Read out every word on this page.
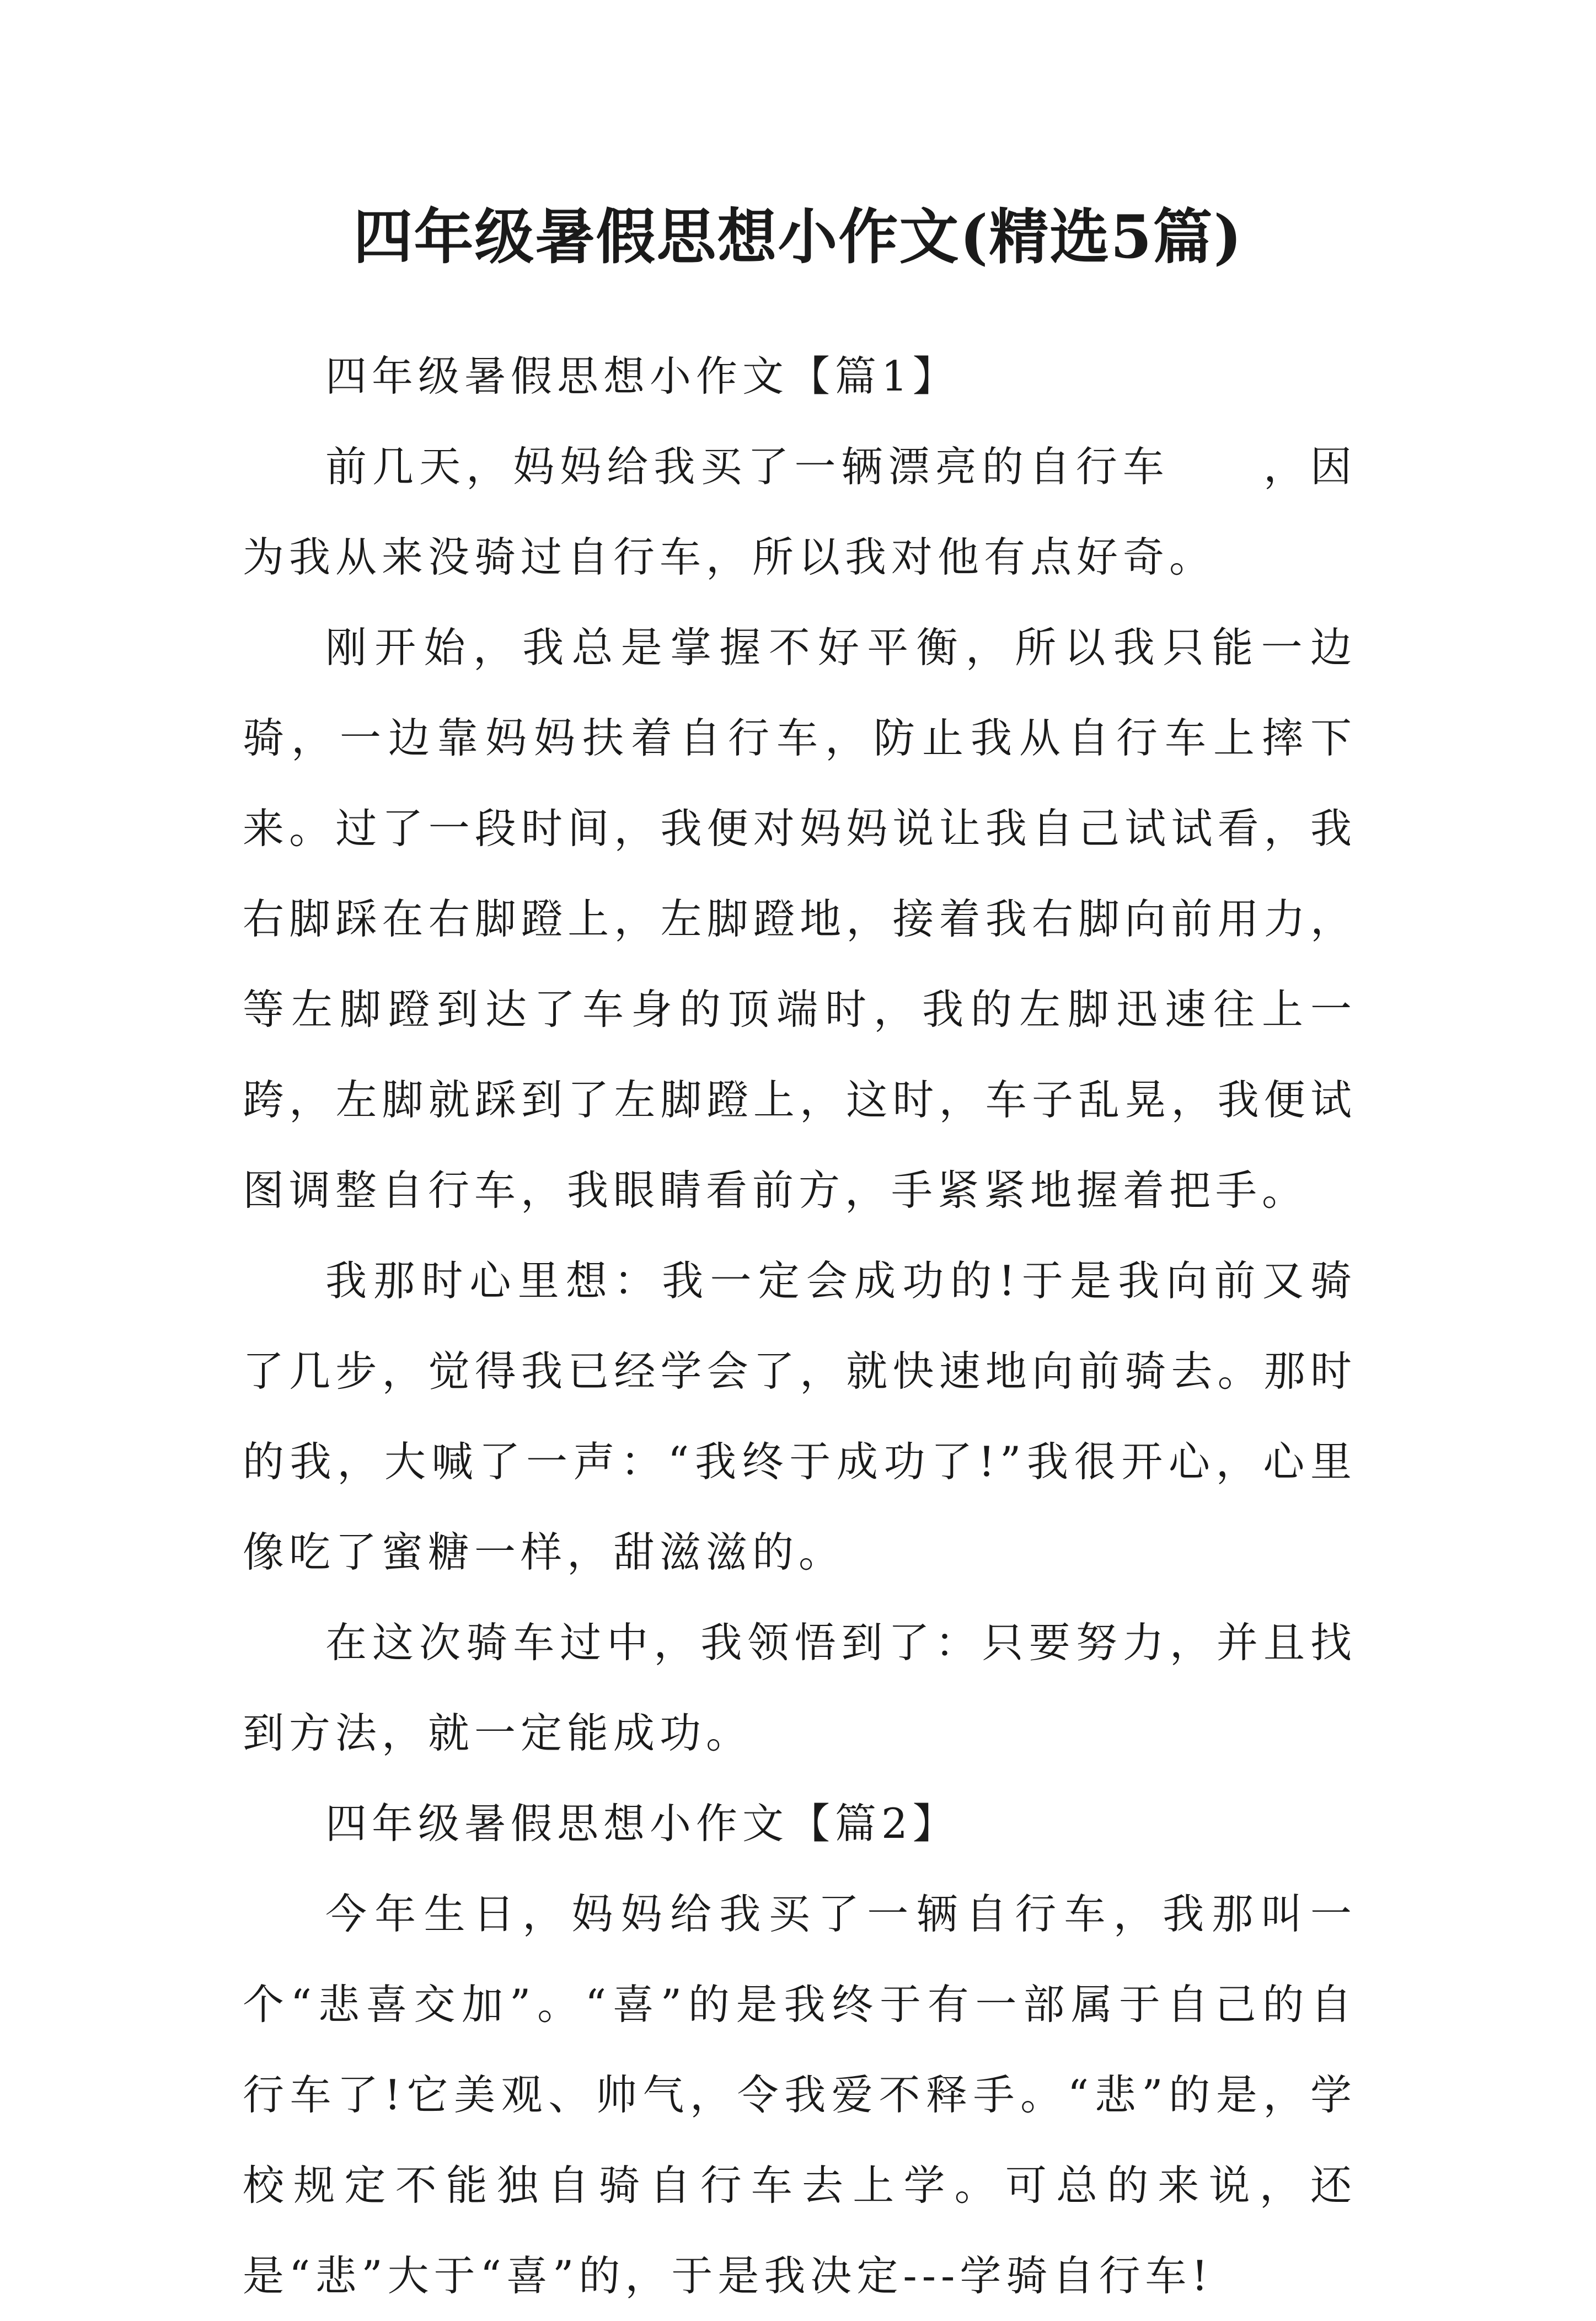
四年级暑假思想小作文(精选5篇)

四年级暑假思想小作文【篇1】

前几天，妈妈给我买了一辆漂亮的自行车　　，因为我从来没骑过自行车，所以我对他有点好奇。

刚开始，我总是掌握不好平衡，所以我只能一边骑，一边靠妈妈扶着自行车，防止我从自行车上摔下来。过了一段时间，我便对妈妈说让我自己试试看，我右脚踩在右脚蹬上，左脚蹬地，接着我右脚向前用力，等左脚蹬到达了车身的顶端时，我的左脚迅速往上一跨，左脚就踩到了左脚蹬上，这时，车子乱晃，我便试图调整自行车，我眼睛看前方，手紧紧地握着把手。

我那时心里想：我一定会成功的!于是我向前又骑了几步，觉得我已经学会了，就快速地向前骑去。那时的我，大喊了一声：“我终于成功了!”我很开心，心里像吃了蜜糖一样，甜滋滋的。

在这次骑车过中，我领悟到了：只要努力，并且找到方法，就一定能成功。

四年级暑假思想小作文【篇2】

今年生日，妈妈给我买了一辆自行车，我那叫一个“悲喜交加”。“喜”的是我终于有一部属于自己的自行车了!它美观、帅气，令我爱不释手。“悲”的是，学校规定不能独自骑自行车去上学。可总的来说，还是“悲”大于“喜”的，于是我决定---学骑自行车!
